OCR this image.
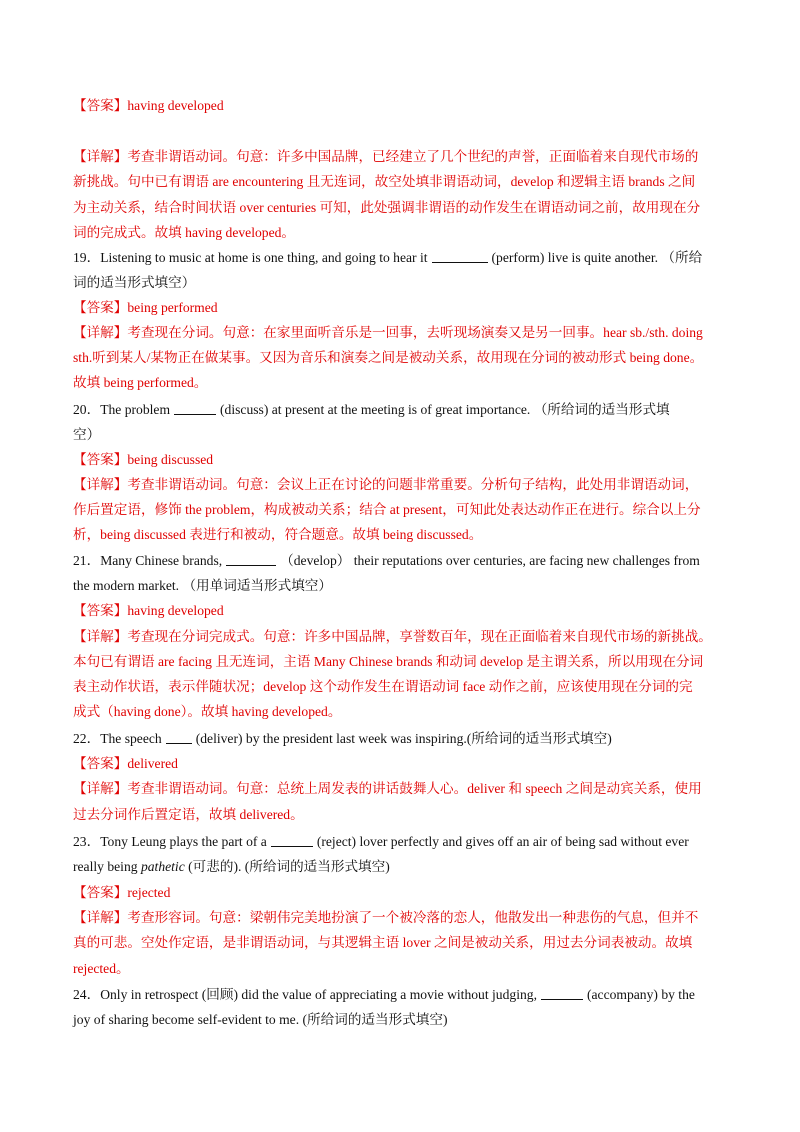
【答案】having developed
【详解】考查非谓语动词。句意：许多中国品牌，已经建立了几个世纪的声誉，正面临着来自现代市场的
新挑战。句中已有谓语 are encountering 且无连词，故空处填非谓语动词，develop 和逻辑主语 brands 之间
为主动关系，结合时间状语 over centuries 可知，此处强调非谓语的动作发生在谓语动词之前，故用现在分
词的完成式。故填 having developed。
19．Listening to music at home is one thing, and going to hear it	(perform) live is quite another. （所给
词的适当形式填空）
【答案】being performed
【详解】考查现在分词。句意：在家里面听音乐是一回事，去听现场演奏又是另一回事。hear sb./sth. doing
sth.听到某人/某物正在做某事。又因为音乐和演奏之间是被动关系，故用现在分词的被动形式 being done。
故填 being performed。
20．The problem	(discuss) at present at the meeting is of great importance. （所给词的适当形式填
空）
【答案】being discussed
【详解】考查非谓语动词。句意：会议上正在讨论的问题非常重要。分析句子结构，此处用非谓语动词，
作后置定语，修饰 the problem，构成被动关系；结合 at present，可知此处表达动作正在进行。综合以上分
析，being discussed 表进行和被动，符合题意。故填 being discussed。
21．Many Chinese brands,	（develop） their reputations over centuries, are facing new challenges from
the modern market. （用单词适当形式填空）
【答案】having developed
【详解】考查现在分词完成式。句意：许多中国品牌，享誉数百年，现在正面临着来自现代市场的新挑战。
本句已有谓语 are facing 且无连词，主语 Many Chinese brands 和动词 develop 是主谓关系，所以用现在分词
表主动作状语，表示伴随状况；develop 这个动作发生在谓语动词 face 动作之前，应该使用现在分词的完
成式（having done）。故填 having developed。
22．The speech	(deliver) by the president last week was inspiring.(所给词的适当形式填空)
【答案】delivered
【详解】考查非谓语动词。句意：总统上周发表的讲话鼓舞人心。deliver 和 speech 之间是动宾关系，使用
过去分词作后置定语，故填 delivered。
23．Tony Leung plays the part of a	(reject) lover perfectly and gives off an air of being sad without ever
really being pathetic (可悲的). (所给词的适当形式填空)
【答案】rejected
【详解】考查形容词。句意：梁朝伟完美地扮演了一个被冷落的恋人，他散发出一种悲伤的气息，但并不
真的可悲。空处作定语，是非谓语动词，与其逻辑主语 lover 之间是被动关系，用过去分词表被动。故填
rejected。
24．Only in retrospect (回顾) did the value of appreciating a movie without judging,	(accompany) by the
joy of sharing become self-evident to me. (所给词的适当形式填空)
